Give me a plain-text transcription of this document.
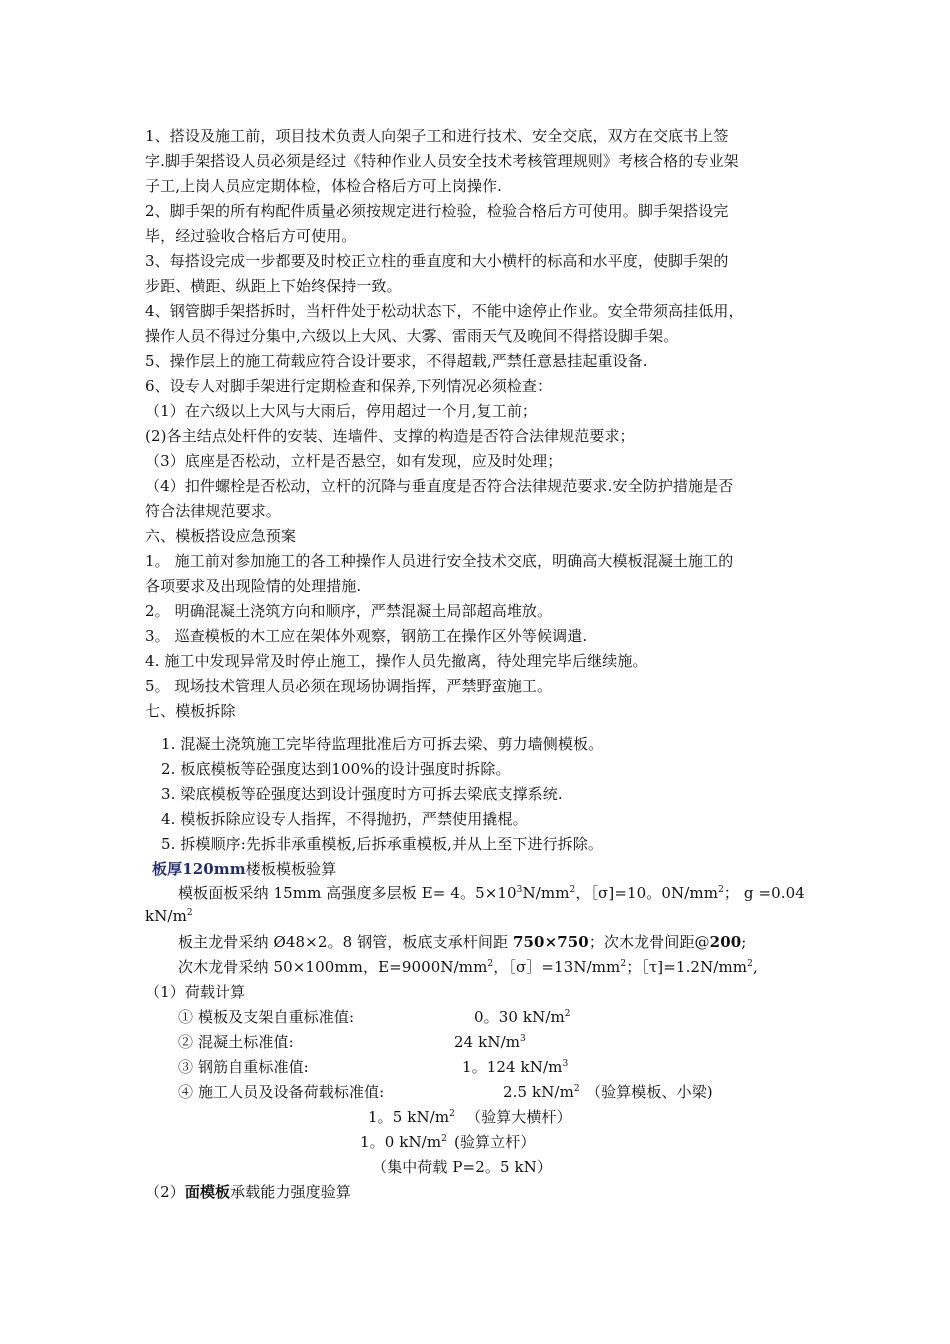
1、搭设及施工前，项目技术负责人向架子工和进行技术、安全交底，双方在交底书上签
字.脚手架搭设人员必须是经过《特种作业人员安全技术考核管理规则》考核合格的专业架
子工,上岗人员应定期体检，体检合格后方可上岗操作.
2、脚手架的所有构配件质量必须按规定进行检验，检验合格后方可使用。脚手架搭设完
毕，经过验收合格后方可使用。
3、每搭设完成一步都要及时校正立柱的垂直度和大小横杆的标高和水平度，使脚手架的
步距、横距、纵距上下始终保持一致。
4、钢管脚手架搭拆时，当杆件处于松动状态下，不能中途停止作业。安全带须高挂低用，
操作人员不得过分集中,六级以上大风、大雾、雷雨天气及晚间不得搭设脚手架。
5、操作层上的施工荷载应符合设计要求，不得超载,严禁任意悬挂起重设备.
6、设专人对脚手架进行定期检查和保养,下列情况必须检查：
（1）在六级以上大风与大雨后，停用超过一个月,复工前；
(2)各主结点处杆件的安装、连墙件、支撑的构造是否符合法律规范要求；
（3）底座是否松动，立杆是否悬空，如有发现，应及时处理；
（4）扣件螺栓是否松动，立杆的沉降与垂直度是否符合法律规范要求.安全防护措施是否
符合法律规范要求。
六、模板搭设应急预案
1。 施工前对参加施工的各工种操作人员进行安全技术交底，明确高大模板混凝土施工的
各项要求及出现险情的处理措施.
2。 明确混凝土浇筑方向和顺序，严禁混凝土局部超高堆放。
3。 巡查模板的木工应在架体外观察，钢筋工在操作区外等候调遣.
4. 施工中发现异常及时停止施工，操作人员先撤离，待处理完毕后继续施。
5。 现场技术管理人员必须在现场协调指挥，严禁野蛮施工。
七、模板拆除
1. 混凝土浇筑施工完毕待监理批准后方可拆去梁、剪力墙侧模板。
2. 板底模板等砼强度达到100%的设计强度时拆除。
3. 梁底模板等砼强度达到设计强度时方可拆去梁底支撑系统.
4. 模板拆除应设专人指挥，不得抛扔，严禁使用撬棍。
5. 拆模顺序:先拆非承重模板,后拆承重模板,并从上至下进行拆除。
板厚120mm楼板模板验算
模板面板采纳 15mm 高强度多层板 E= 4。$5\times 10^3N/mm^2$，［σ]=10。$0N/mm^2$； g =0.04
$kN/m^2$
板主龙骨采纳 Ø48×2。8 钢管，板底支承杆间距 750×750；次木龙骨间距@200;
次木龙骨采纳 50×100mm，$E=9000N/mm^2$，$[\sigma]=13N/mm^2$；$[\tau]=1.2N/mm^2$,
（1）荷载计算
① 模板及支架自重标准值:	0。30 $kN/m^2$
② 混凝土标准值:	24 $kN/m^3$
③ 钢筋自重标准值:	1。124 $kN/m^3$
④ 施工人员及设备荷载标准值:	2.5 $kN/m^2$ （验算模板、小梁)
1。5 $kN/m^2$ （验算大横杆）
1。0 $kN/m^2$ (验算立杆）
（集中荷载 P=2。5 kN）
（2）面模板承载能力强度验算
